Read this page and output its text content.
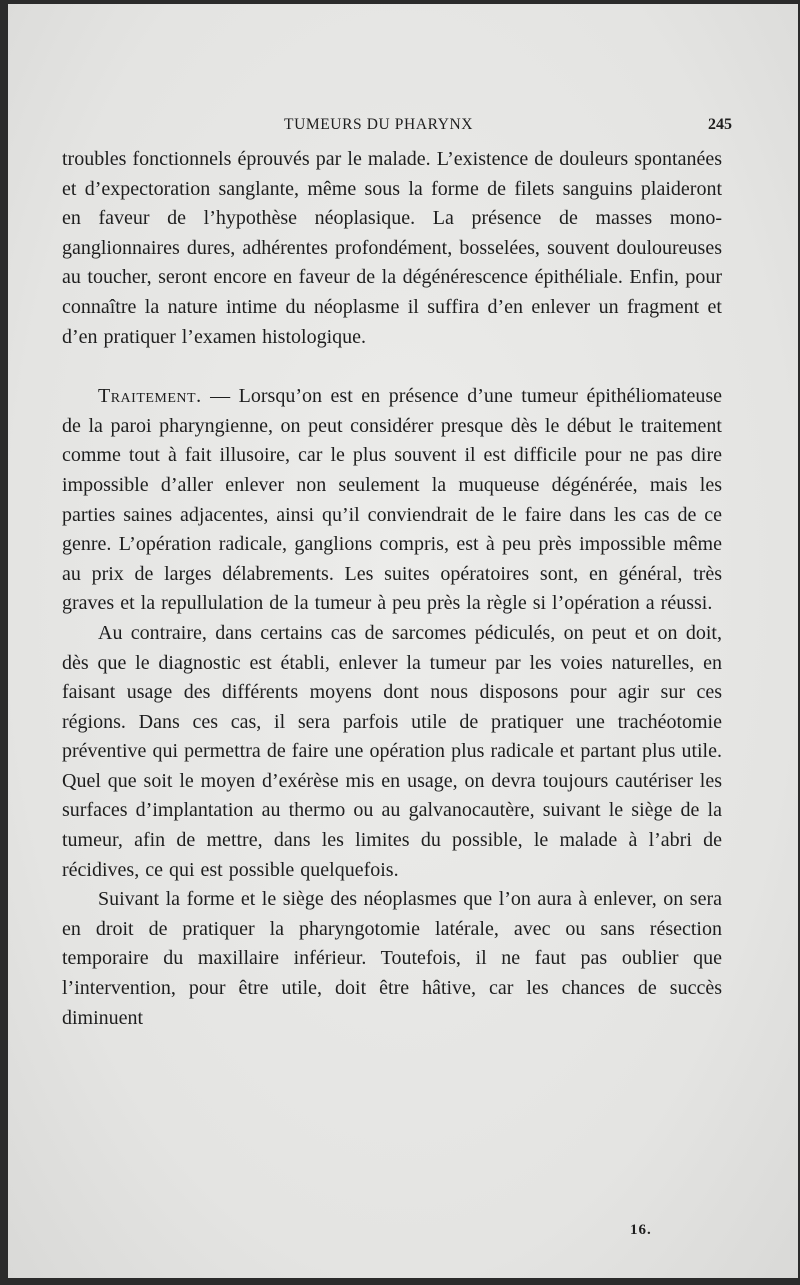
TUMEURS DU PHARYNX	245

troubles fonctionnels éprouvés par le malade. L’existence de douleurs spontanées et d’expectoration sanglante, même sous la forme de filets sanguins plaideront en faveur de l’hypothèse néoplasique. La présence de masses mono-ganglionnaires dures, adhérentes profondément, bosselées, souvent douloureuses au toucher, seront encore en faveur de la dégénérescence épithéliale. Enfin, pour connaître la nature intime du néoplasme il suffira d’en enlever un fragment et d’en pratiquer l’examen histologique.

Traitement. — Lorsqu’on est en présence d’une tumeur épithéliomateuse de la paroi pharyngienne, on peut considérer presque dès le début le traitement comme tout à fait illusoire, car le plus souvent il est difficile pour ne pas dire impossible d’aller enlever non seulement la muqueuse dégénérée, mais les parties saines adjacentes, ainsi qu’il conviendrait de le faire dans les cas de ce genre. L’opération radicale, ganglions compris, est à peu près impossible même au prix de larges délabrements. Les suites opératoires sont, en général, très graves et la repullulation de la tumeur à peu près la règle si l’opération a réussi.

Au contraire, dans certains cas de sarcomes pédiculés, on peut et on doit, dès que le diagnostic est établi, enlever la tumeur par les voies naturelles, en faisant usage des différents moyens dont nous disposons pour agir sur ces régions. Dans ces cas, il sera parfois utile de pratiquer une trachéotomie préventive qui permettra de faire une opération plus radicale et partant plus utile. Quel que soit le moyen d’exérèse mis en usage, on devra toujours cautériser les surfaces d’implantation au thermo ou au galvanocautère, suivant le siège de la tumeur, afin de mettre, dans les limites du possible, le malade à l’abri de récidives, ce qui est possible quelquefois.

Suivant la forme et le siège des néoplasmes que l’on aura à enlever, on sera en droit de pratiquer la pharyngotomie latérale, avec ou sans résection temporaire du maxillaire inférieur. Toutefois, il ne faut pas oublier que l’intervention, pour être utile, doit être hâtive, car les chances de succès diminuent

16.
